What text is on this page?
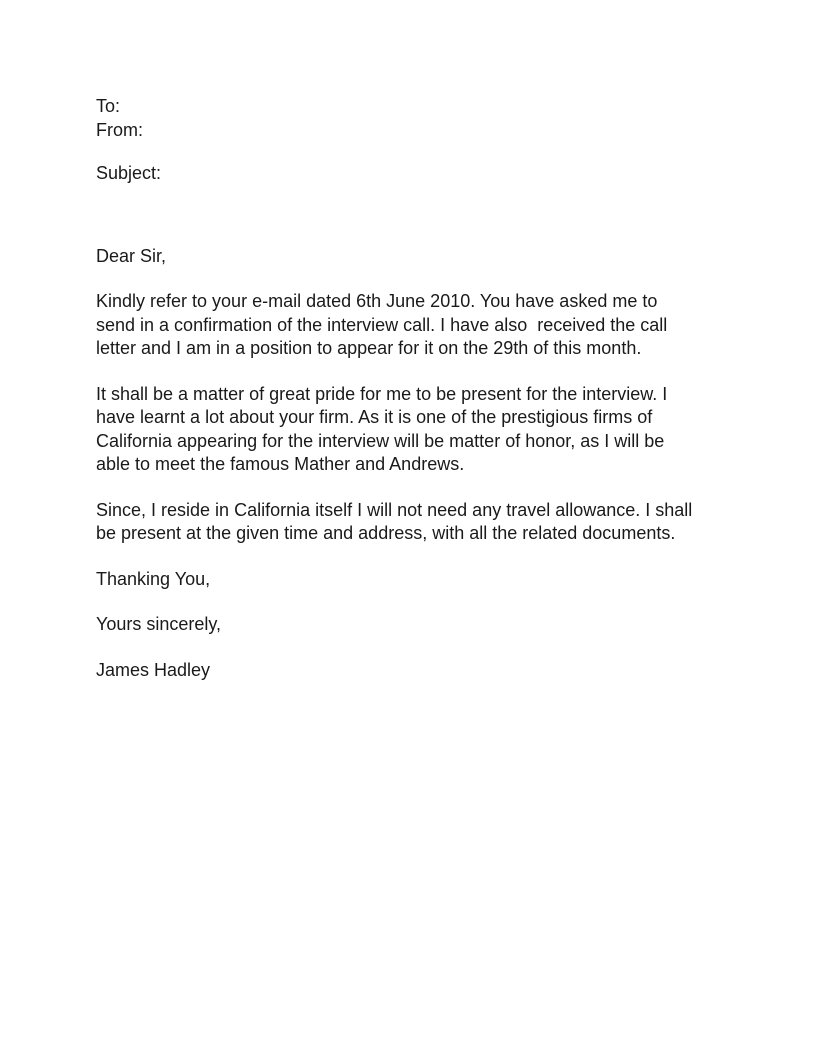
To:
From:
Subject:
Dear Sir,
Kindly refer to your e-mail dated 6th June 2010. You have asked me to
send in a confirmation of the interview call. I have also  received the call
letter and I am in a position to appear for it on the 29th of this month.
It shall be a matter of great pride for me to be present for the interview. I
have learnt a lot about your firm. As it is one of the prestigious firms of
California appearing for the interview will be matter of honor, as I will be
able to meet the famous Mather and Andrews.
Since, I reside in California itself I will not need any travel allowance. I shall
be present at the given time and address, with all the related documents.
Thanking You,
Yours sincerely,
James Hadley
